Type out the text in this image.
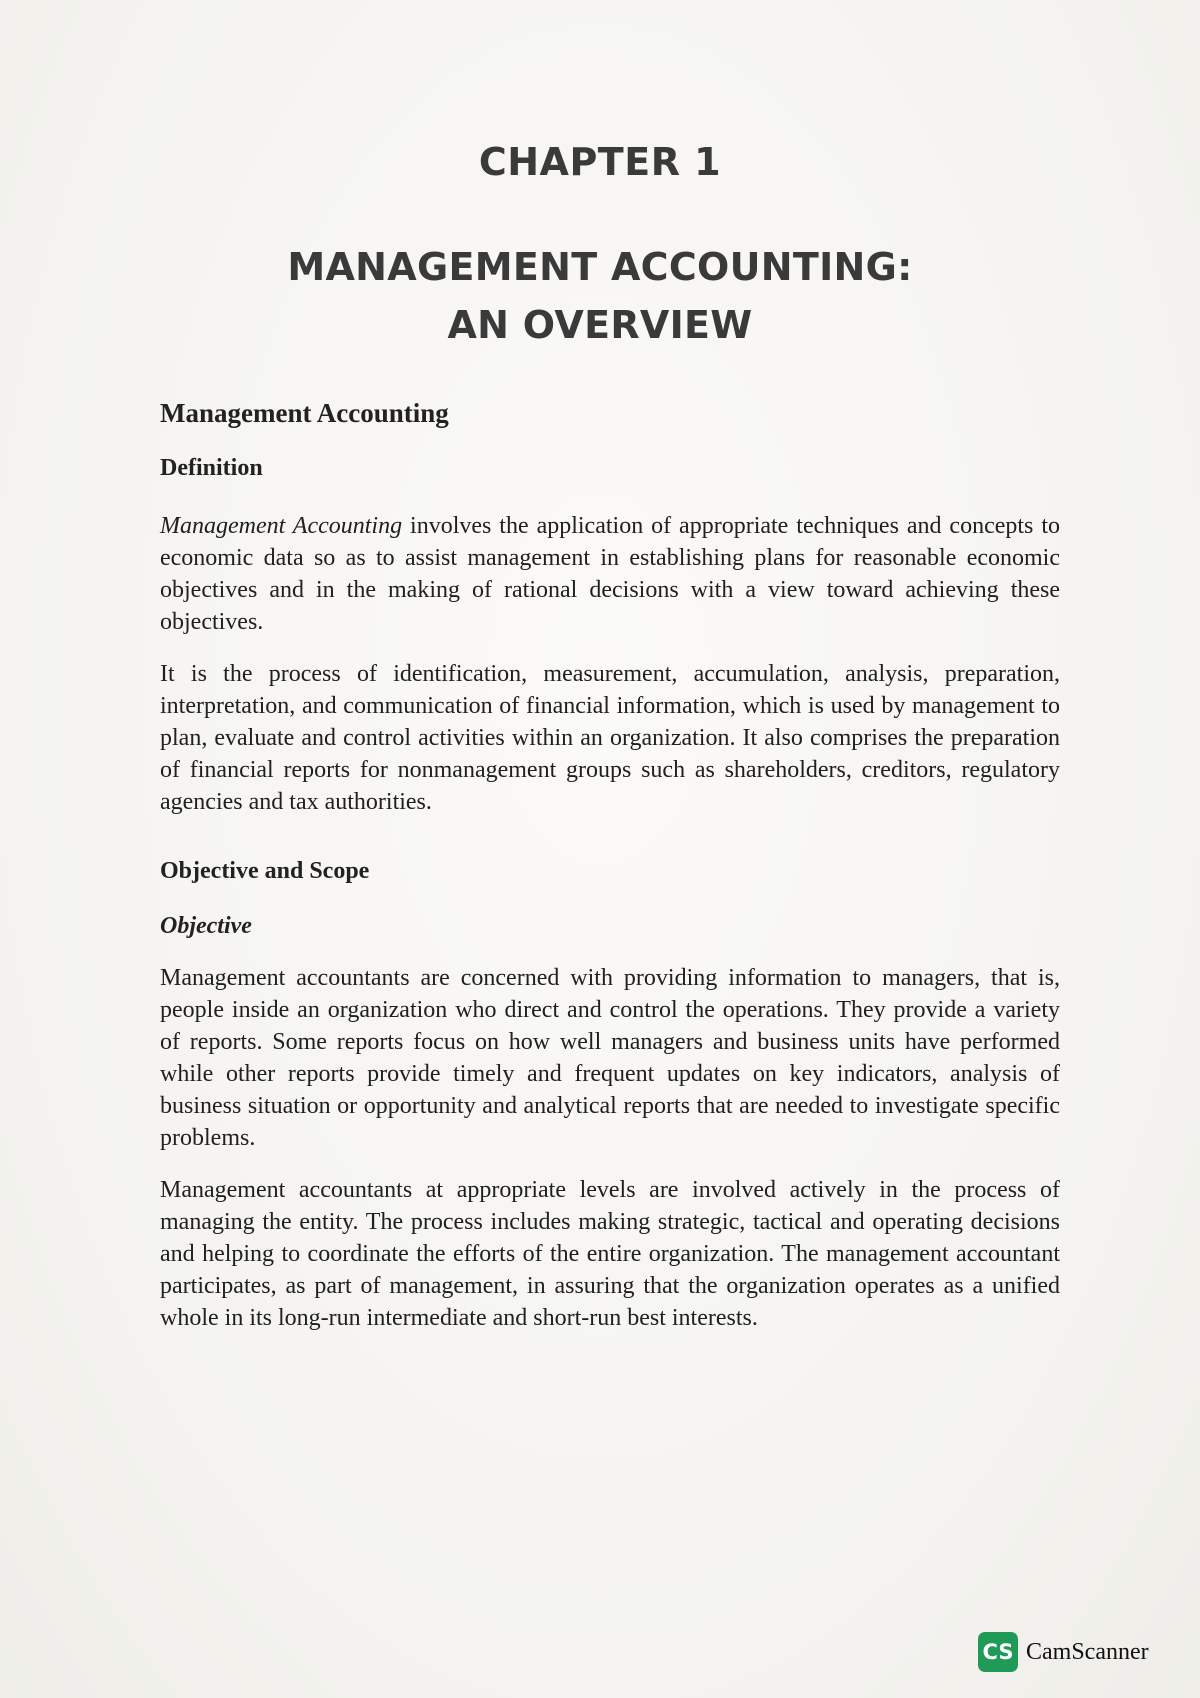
CHAPTER 1
MANAGEMENT ACCOUNTING:
AN OVERVIEW
Management Accounting
Definition

Management Accounting involves the application of appropriate techniques and concepts to economic data so as to assist management in establishing plans for reasonable economic objectives and in the making of rational decisions with a view toward achieving these objectives.

It is the process of identification, measurement, accumulation, analysis, preparation, interpretation, and communication of financial information, which is used by management to plan, evaluate and control activities within an organization. It also comprises the preparation of financial reports for nonmanagement groups such as shareholders, creditors, regulatory agencies and tax authorities.

Objective and Scope
Objective

Management accountants are concerned with providing information to managers, that is, people inside an organization who direct and control the operations. They provide a variety of reports. Some reports focus on how well managers and business units have performed while other reports provide timely and frequent updates on key indicators, analysis of business situation or opportunity and analytical reports that are needed to investigate specific problems.

Management accountants at appropriate levels are involved actively in the process of managing the entity. The process includes making strategic, tactical and operating decisions and helping to coordinate the efforts of the entire organization. The management accountant participates, as part of management, in assuring that the organization operates as a unified whole in its long-run intermediate and short-run best interests.

CS CamScanner
